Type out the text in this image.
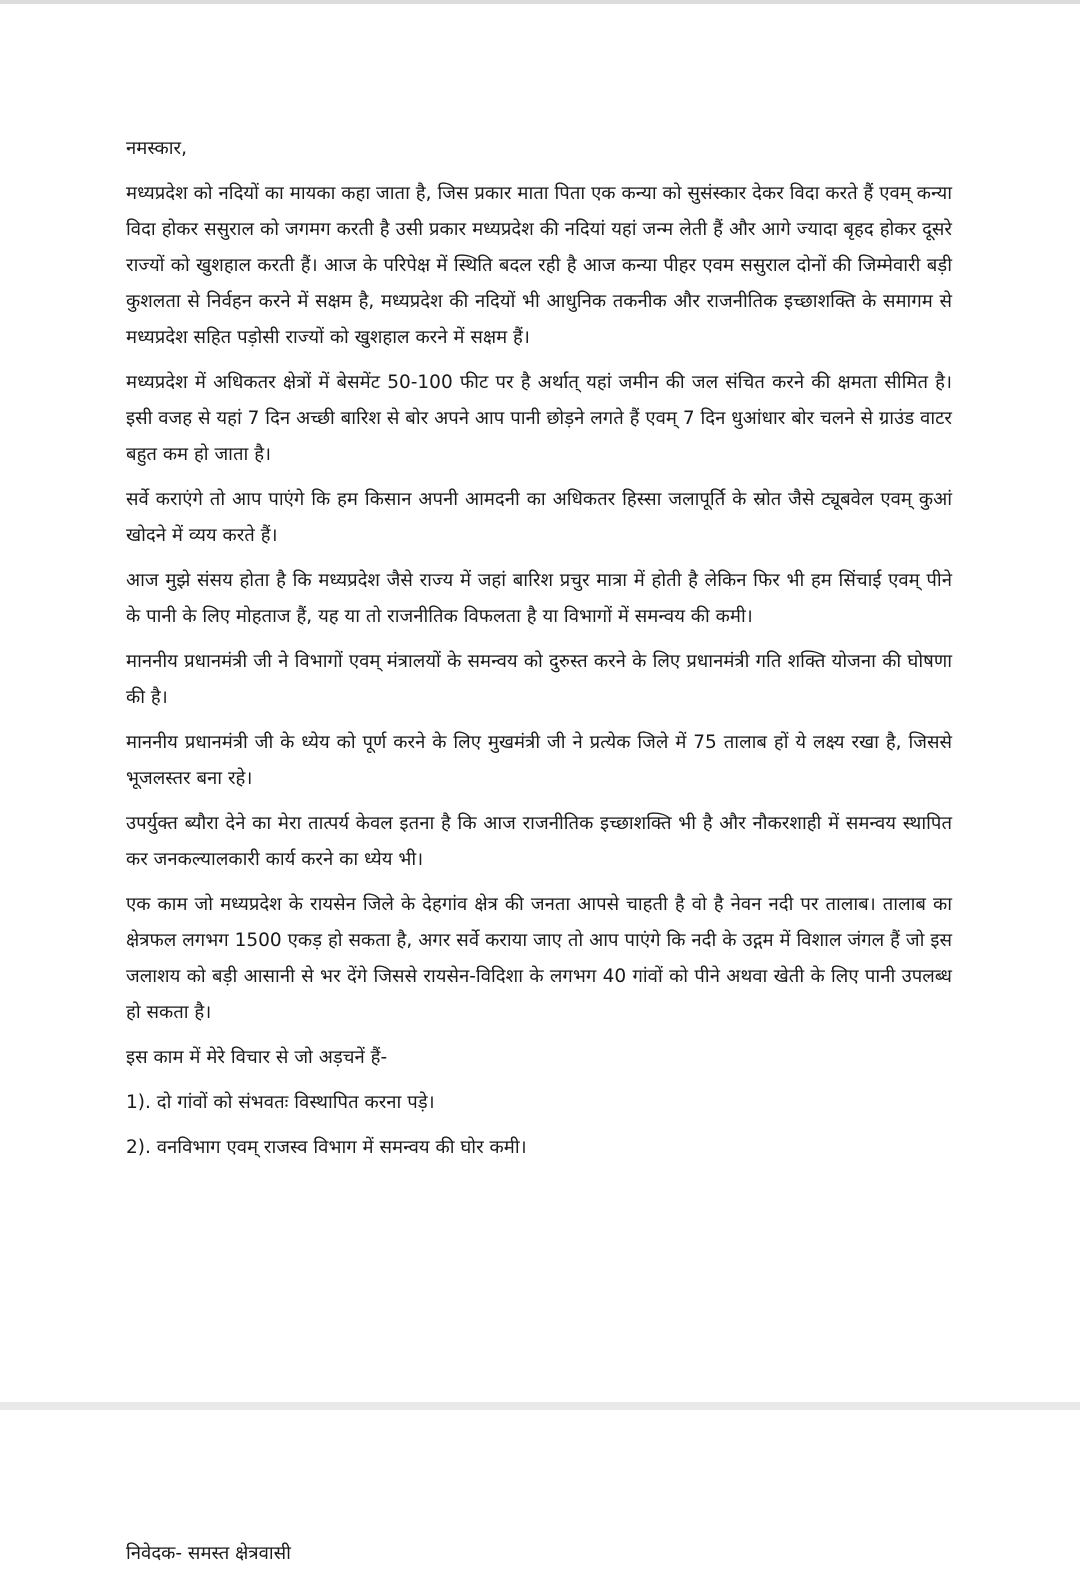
नमस्कार,

मध्यप्रदेश को नदियों का मायका कहा जाता है, जिस प्रकार माता पिता एक कन्या को सुसंस्कार देकर विदा करते हैं एवम् कन्या विदा होकर ससुराल को जगमग करती है उसी प्रकार मध्यप्रदेश की नदियां यहां जन्म लेती हैं और आगे ज्यादा बृहद होकर दूसरे राज्यों को खुशहाल करती हैं। आज के परिपेक्ष में स्थिति बदल रही है आज कन्या पीहर एवम ससुराल दोनों की जिम्मेवारी बड़ी कुशलता से निर्वहन करने में सक्षम है, मध्यप्रदेश की नदियों भी आधुनिक तकनीक और राजनीतिक इच्छाशक्ति के समागम से मध्यप्रदेश सहित पड़ोसी राज्यों को खुशहाल करने में सक्षम हैं।

मध्यप्रदेश में अधिकतर क्षेत्रों में बेसमेंट 50-100 फीट पर है अर्थात् यहां जमीन की जल संचित करने की क्षमता सीमित है। इसी वजह से यहां 7 दिन अच्छी बारिश से बोर अपने आप पानी छोड़ने लगते हैं एवम् 7 दिन धुआंधार बोर चलने से ग्राउंड वाटर बहुत कम हो जाता है।

सर्वे कराएंगे तो आप पाएंगे कि हम किसान अपनी आमदनी का अधिकतर हिस्सा जलापूर्ति के स्रोत जैसे ट्यूबवेल एवम् कुआं खोदने में व्यय करते हैं।

आज मुझे संसय होता है कि मध्यप्रदेश जैसे राज्य में जहां बारिश प्रचुर मात्रा में होती है लेकिन फिर भी हम सिंचाई एवम् पीने के पानी के लिए मोहताज हैं, यह या तो राजनीतिक विफलता है या विभागों में समन्वय की कमी।

माननीय प्रधानमंत्री जी ने विभागों एवम् मंत्रालयों के समन्वय को दुरुस्त करने के लिए प्रधानमंत्री गति शक्ति योजना की घोषणा की है।

माननीय प्रधानमंत्री जी के ध्येय को पूर्ण करने के लिए मुखमंत्री जी ने प्रत्येक जिले में 75 तालाब हों ये लक्ष्य रखा है, जिससे भूजलस्तर बना रहे।

उपर्युक्त ब्यौरा देने का मेरा तात्पर्य केवल इतना है कि आज राजनीतिक इच्छाशक्ति भी है और नौकरशाही में समन्वय स्थापित कर जनकल्यालकारी कार्य करने का ध्येय भी।

एक काम जो मध्यप्रदेश के रायसेन जिले के देहगांव क्षेत्र की जनता आपसे चाहती है वो है नेवन नदी पर तालाब। तालाब का क्षेत्रफल लगभग 1500 एकड़ हो सकता है, अगर सर्वे कराया जाए तो आप पाएंगे कि नदी के उद्गम में विशाल जंगल हैं जो इस जलाशय को बड़ी आसानी से भर देंगे जिससे रायसेन-विदिशा के लगभग 40 गांवों को पीने अथवा खेती के लिए पानी उपलब्ध हो सकता है।

इस काम में मेरे विचार से जो अड़चनें हैं-

1). दो गांवों को संभवतः विस्थापित करना पड़े।

2). वनविभाग एवम् राजस्व विभाग में समन्वय की घोर कमी।

निवेदक- समस्त क्षेत्रवासी
